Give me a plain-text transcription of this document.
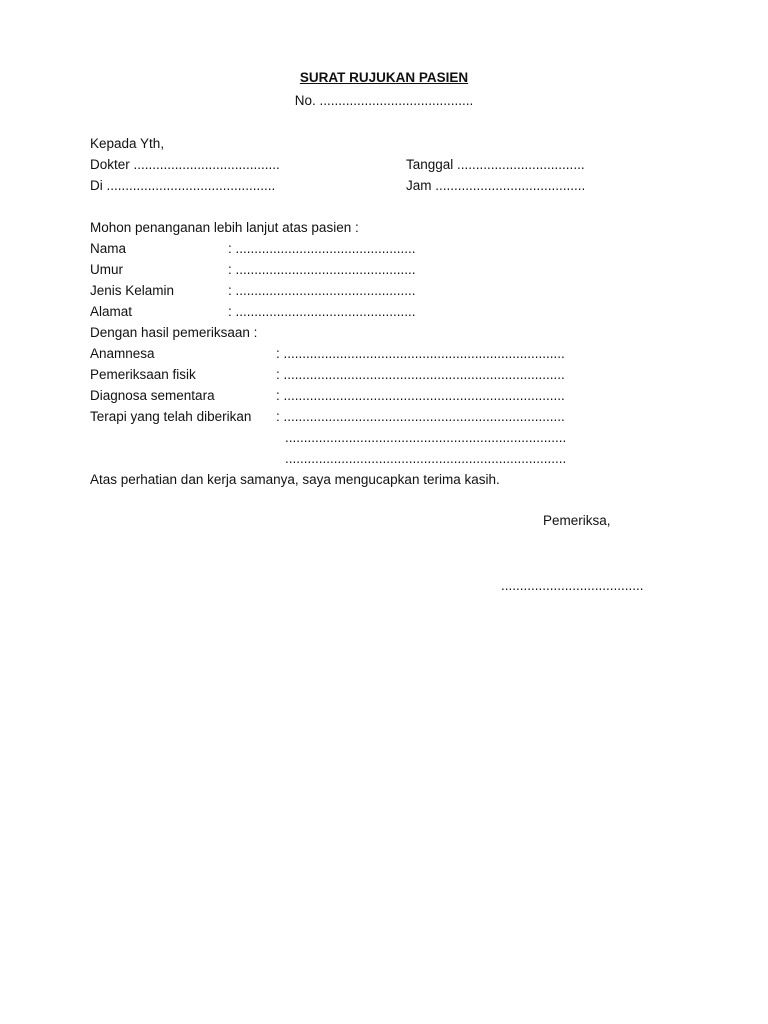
SURAT RUJUKAN PASIEN
No. .........................................
Kepada Yth,
Dokter .......................................	Tanggal ..................................
Di .............................................	Jam ........................................
Mohon penanganan lebih lanjut atas pasien :
Nama	: ................................................
Umur	: ................................................
Jenis Kelamin	: ................................................
Alamat	: ................................................
Dengan hasil pemeriksaan :
Anamnesa	: ...........................................................................
Pemeriksaan fisik	: ...........................................................................
Diagnosa sementara	: ...........................................................................
Terapi yang telah diberikan : ...........................................................................
...........................................................................
...........................................................................
Atas perhatian dan kerja samanya, saya mengucapkan terima kasih.
Pemeriksa,
......................................
